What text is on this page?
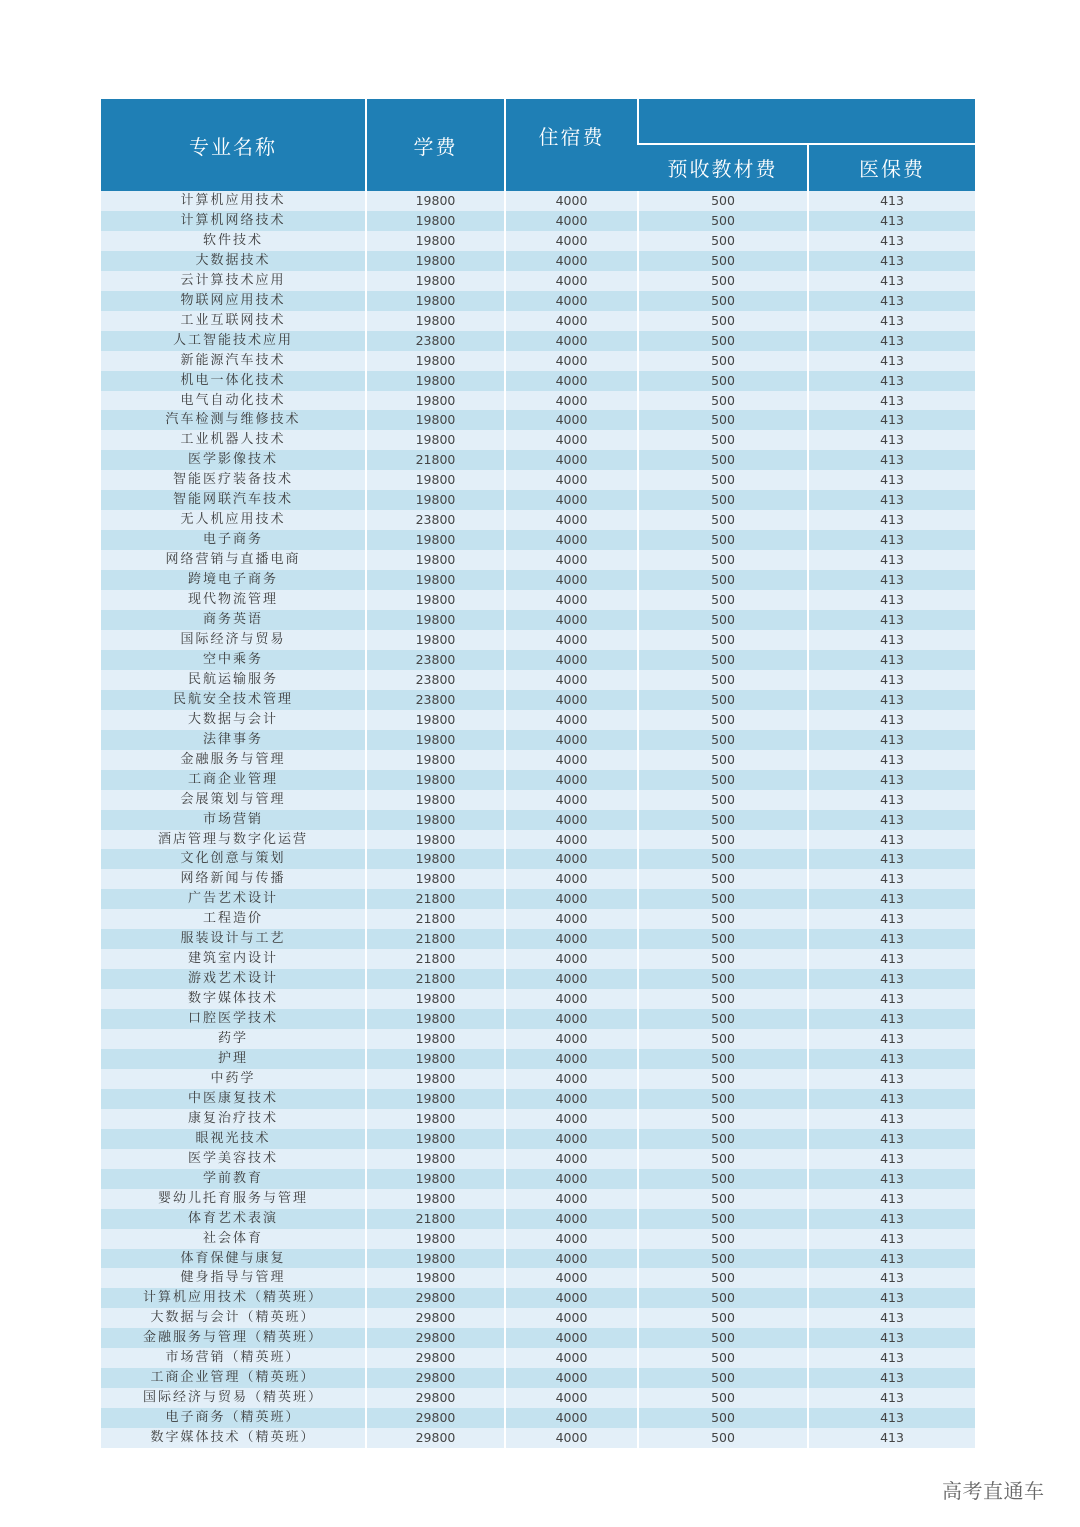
专业名称	学费	住宿费		
			预收教材费	医保费
计算机应用技术	19800	4000	500	413
计算机网络技术	19800	4000	500	413
软件技术	19800	4000	500	413
大数据技术	19800	4000	500	413
云计算技术应用	19800	4000	500	413
物联网应用技术	19800	4000	500	413
工业互联网技术	19800	4000	500	413
人工智能技术应用	23800	4000	500	413
新能源汽车技术	19800	4000	500	413
机电一体化技术	19800	4000	500	413
电气自动化技术	19800	4000	500	413
汽车检测与维修技术	19800	4000	500	413
工业机器人技术	19800	4000	500	413
医学影像技术	21800	4000	500	413
智能医疗装备技术	19800	4000	500	413
智能网联汽车技术	19800	4000	500	413
无人机应用技术	23800	4000	500	413
电子商务	19800	4000	500	413
网络营销与直播电商	19800	4000	500	413
跨境电子商务	19800	4000	500	413
现代物流管理	19800	4000	500	413
商务英语	19800	4000	500	413
国际经济与贸易	19800	4000	500	413
空中乘务	23800	4000	500	413
民航运输服务	23800	4000	500	413
民航安全技术管理	23800	4000	500	413
大数据与会计	19800	4000	500	413
法律事务	19800	4000	500	413
金融服务与管理	19800	4000	500	413
工商企业管理	19800	4000	500	413
会展策划与管理	19800	4000	500	413
市场营销	19800	4000	500	413
酒店管理与数字化运营	19800	4000	500	413
文化创意与策划	19800	4000	500	413
网络新闻与传播	19800	4000	500	413
广告艺术设计	21800	4000	500	413
工程造价	21800	4000	500	413
服装设计与工艺	21800	4000	500	413
建筑室内设计	21800	4000	500	413
游戏艺术设计	21800	4000	500	413
数字媒体技术	19800	4000	500	413
口腔医学技术	19800	4000	500	413
药学	19800	4000	500	413
护理	19800	4000	500	413
中药学	19800	4000	500	413
中医康复技术	19800	4000	500	413
康复治疗技术	19800	4000	500	413
眼视光技术	19800	4000	500	413
医学美容技术	19800	4000	500	413
学前教育	19800	4000	500	413
婴幼儿托育服务与管理	19800	4000	500	413
体育艺术表演	21800	4000	500	413
社会体育	19800	4000	500	413
体育保健与康复	19800	4000	500	413
健身指导与管理	19800	4000	500	413
计算机应用技术（精英班）	29800	4000	500	413
大数据与会计（精英班）	29800	4000	500	413
金融服务与管理（精英班）	29800	4000	500	413
市场营销（精英班）	29800	4000	500	413
工商企业管理（精英班）	29800	4000	500	413
国际经济与贸易（精英班）	29800	4000	500	413
电子商务（精英班）	29800	4000	500	413
数字媒体技术（精英班）	29800	4000	500	413
高考直通车
